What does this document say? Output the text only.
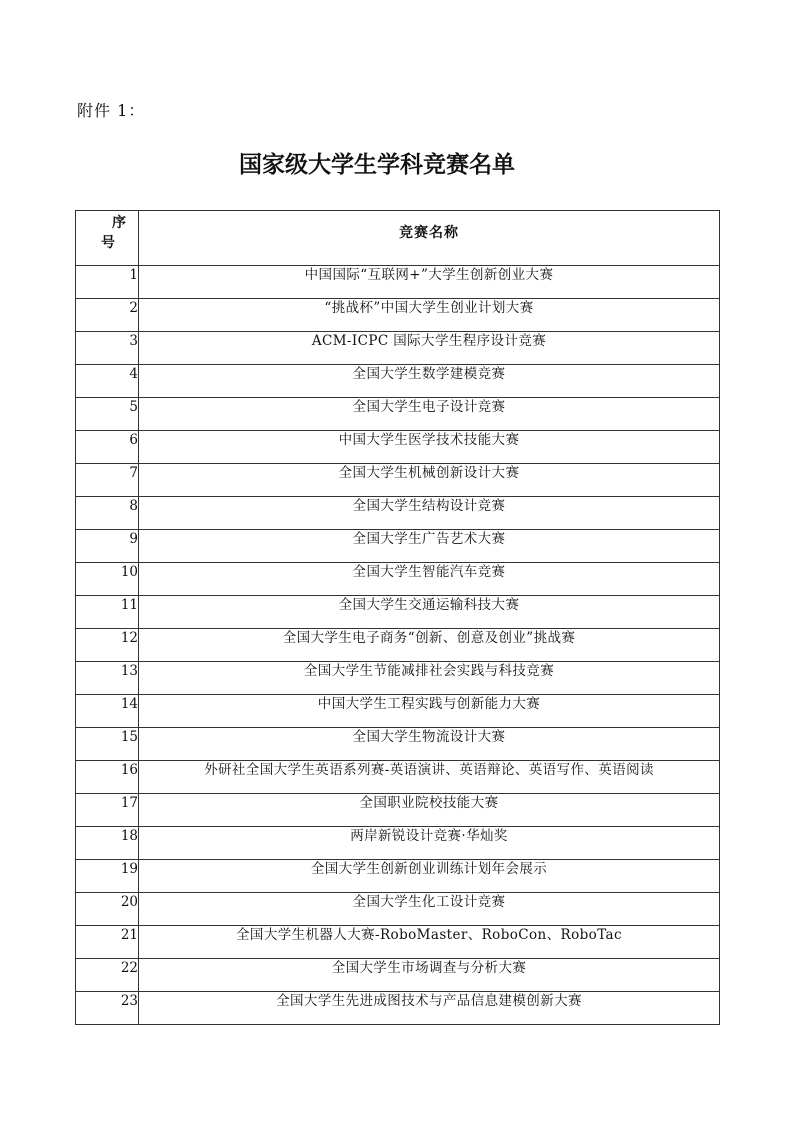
附件 1：
国家级大学生学科竞赛名单
序
号	竞赛名称

1	中国国际“互联网+”大学生创新创业大赛
2	“挑战杯”中国大学生创业计划大赛
3	ACM-ICPC 国际大学生程序设计竞赛
4	全国大学生数学建模竞赛
5	全国大学生电子设计竞赛
6	中国大学生医学技术技能大赛
7	全国大学生机械创新设计大赛
8	全国大学生结构设计竞赛
9	全国大学生广告艺术大赛
10	全国大学生智能汽车竞赛
11	全国大学生交通运输科技大赛
12	全国大学生电子商务“创新、创意及创业”挑战赛
13	全国大学生节能减排社会实践与科技竞赛
14	中国大学生工程实践与创新能力大赛
15	全国大学生物流设计大赛
16	外研社全国大学生英语系列赛-英语演讲、英语辩论、英语写作、英语阅读
17	全国职业院校技能大赛
18	两岸新锐设计竞赛·华灿奖
19	全国大学生创新创业训练计划年会展示
20	全国大学生化工设计竞赛
21	全国大学生机器人大赛-RoboMaster、RoboCon、RoboTac
22	全国大学生市场调查与分析大赛
23	全国大学生先进成图技术与产品信息建模创新大赛
